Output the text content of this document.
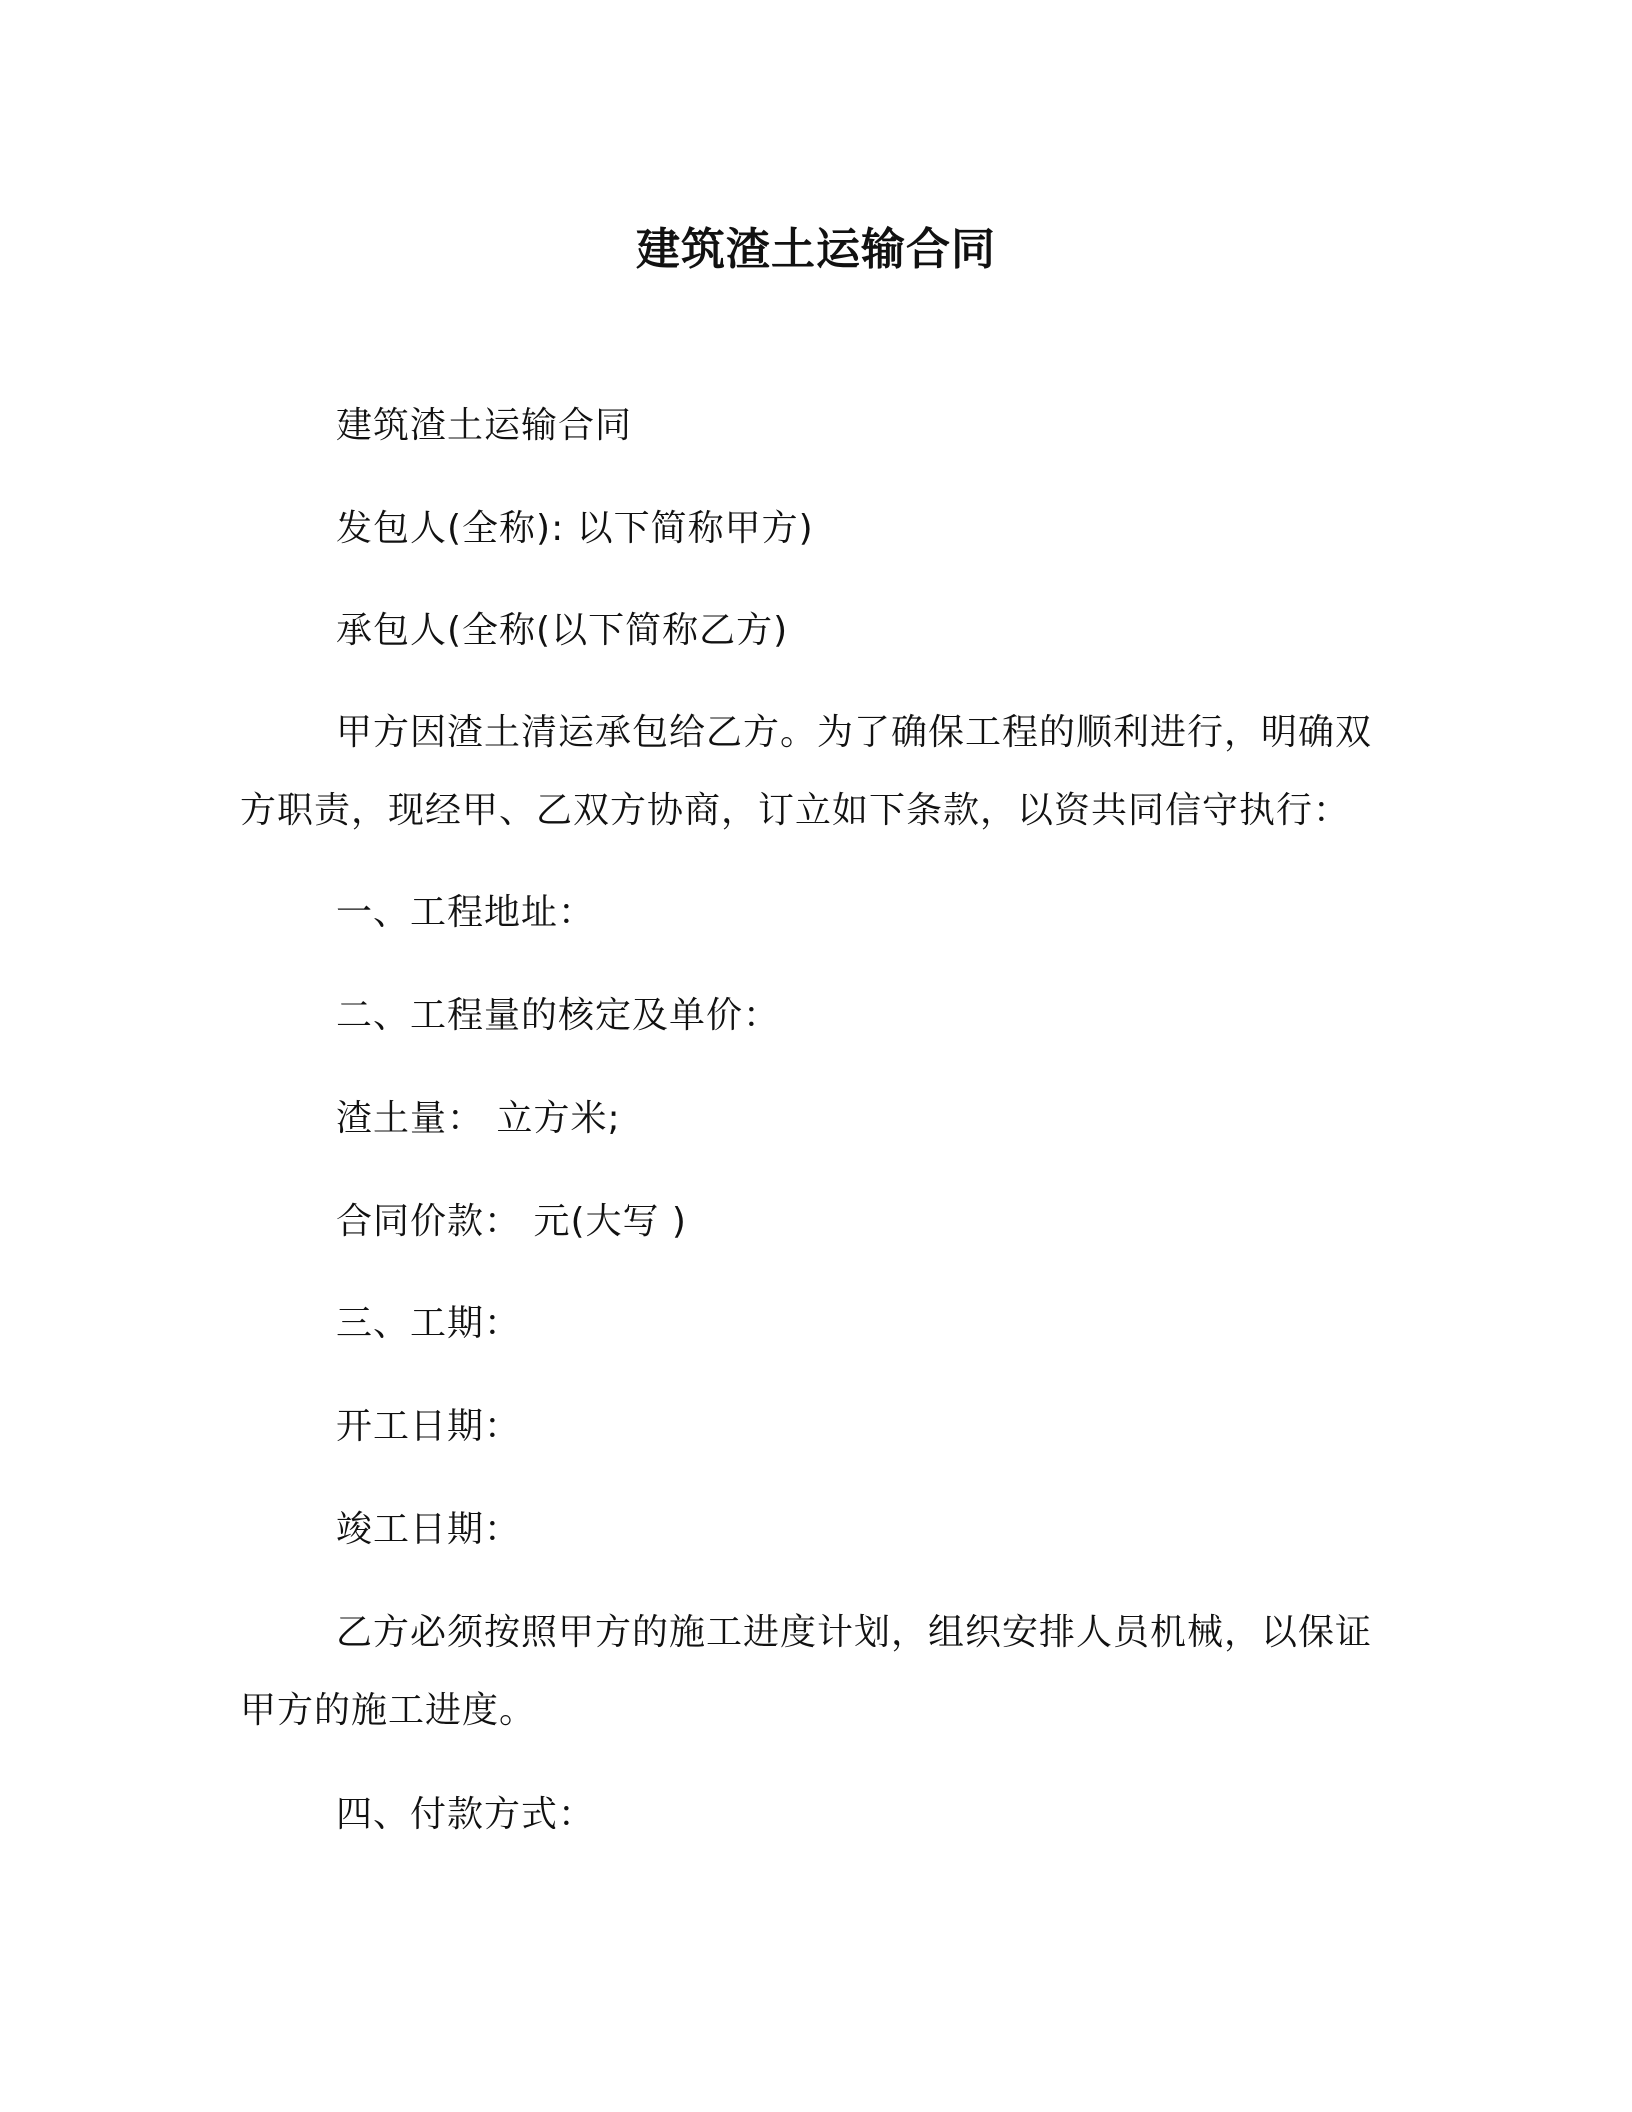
建筑渣土运输合同
建筑渣土运输合同
发包人(全称): 以下简称甲方)
承包人(全称(以下简称乙方)
甲方因渣土清运承包给乙方。为了确保工程的顺利进行，明确双方职责，现经甲、乙双方协商，订立如下条款，以资共同信守执行：
一、工程地址：
二、工程量的核定及单价：
渣土量： 立方米;
合同价款： 元(大写 )
三、工期：
开工日期：
竣工日期：
乙方必须按照甲方的施工进度计划，组织安排人员机械，以保证甲方的施工进度。
四、付款方式：
